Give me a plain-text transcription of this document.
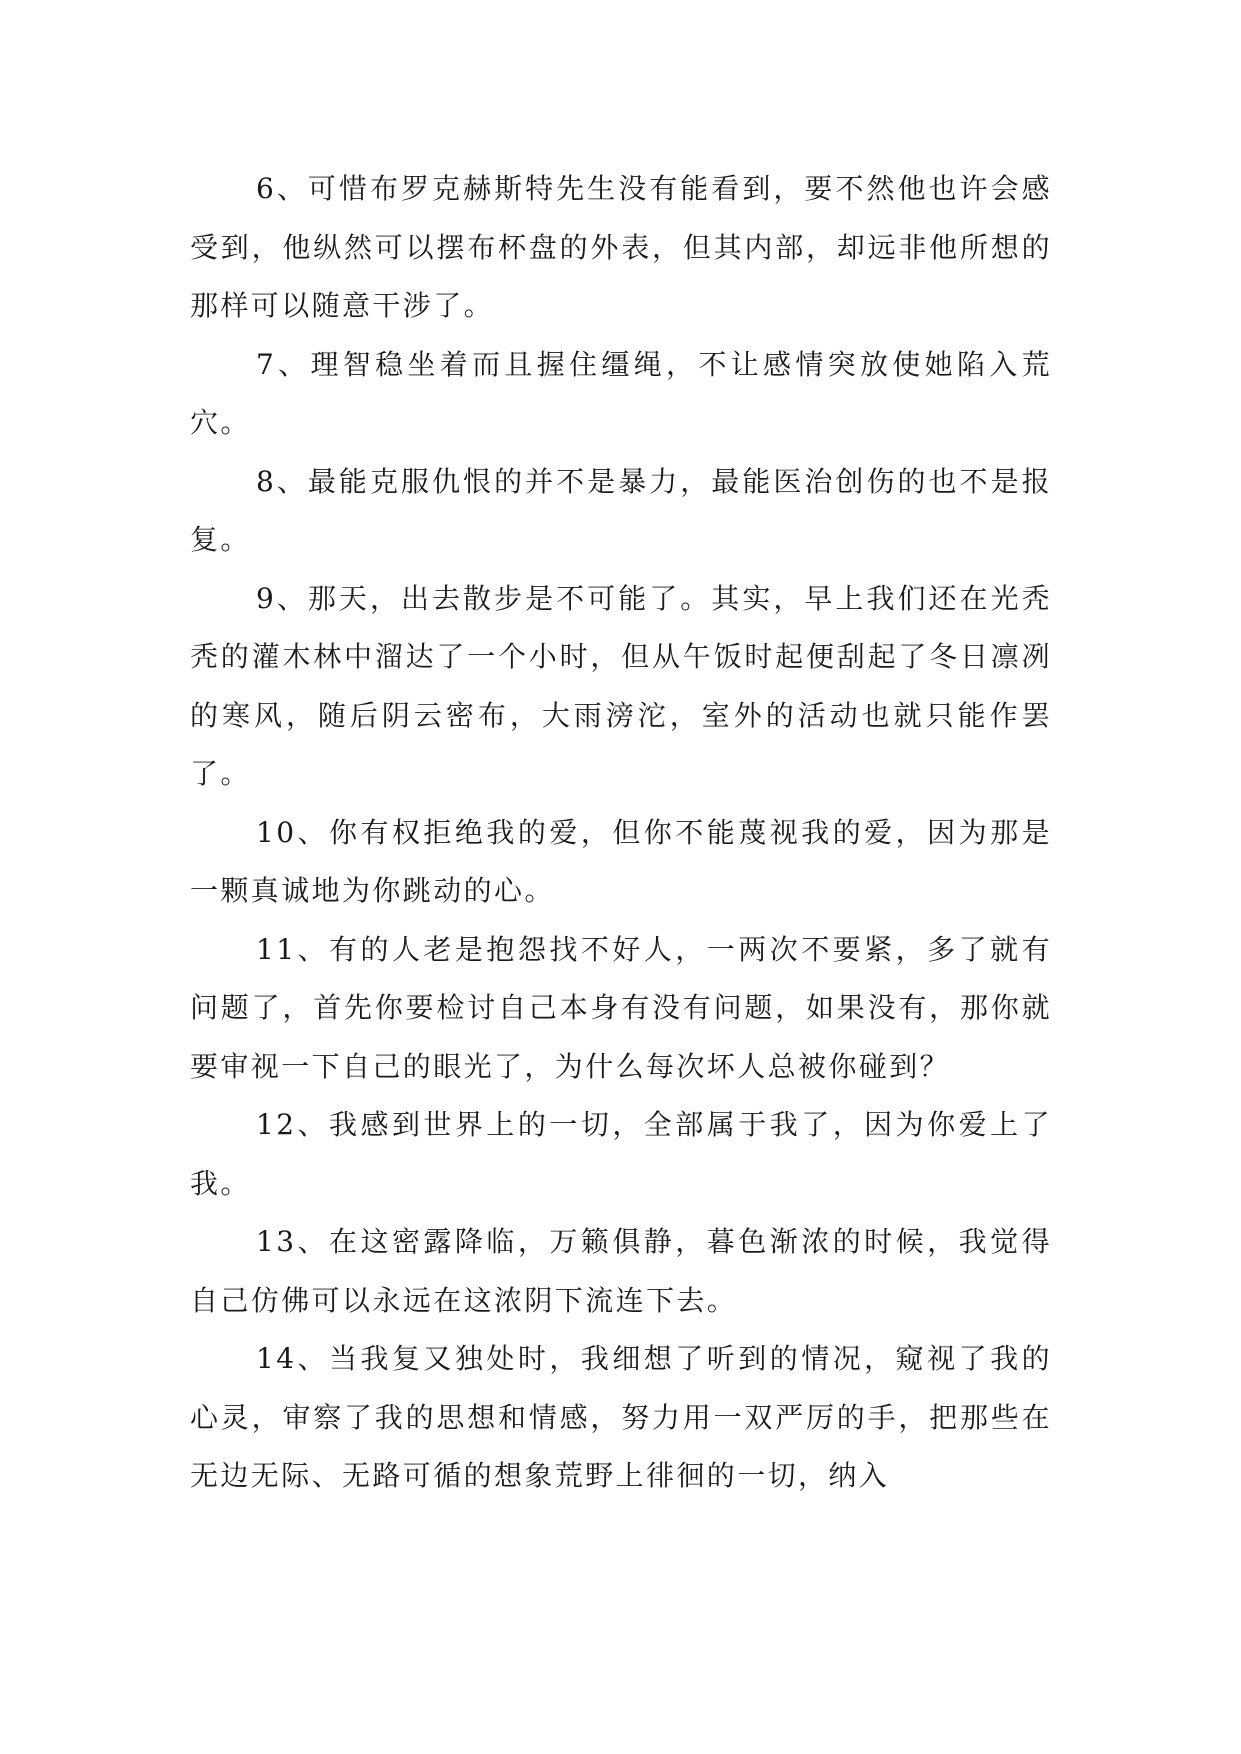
6、可惜布罗克赫斯特先生没有能看到，要不然他也许会感受到，他纵然可以摆布杯盘的外表，但其内部，却远非他所想的那样可以随意干涉了。

7、理智稳坐着而且握住缰绳，不让感情突放使她陷入荒穴。

8、最能克服仇恨的并不是暴力，最能医治创伤的也不是报复。

9、那天，出去散步是不可能了。其实，早上我们还在光秃秃的灌木林中溜达了一个小时，但从午饭时起便刮起了冬日凛冽的寒风，随后阴云密布，大雨滂沱，室外的活动也就只能作罢了。

10、你有权拒绝我的爱，但你不能蔑视我的爱，因为那是一颗真诚地为你跳动的心。

11、有的人老是抱怨找不好人，一两次不要紧，多了就有问题了，首先你要检讨自己本身有没有问题，如果没有，那你就要审视一下自己的眼光了，为什么每次坏人总被你碰到？

12、我感到世界上的一切，全部属于我了，因为你爱上了我。

13、在这密露降临，万籁俱静，暮色渐浓的时候，我觉得自己仿佛可以永远在这浓阴下流连下去。

14、当我复又独处时，我细想了听到的情况，窥视了我的心灵，审察了我的思想和情感，努力用一双严厉的手，把那些在无边无际、无路可循的想象荒野上徘徊的一切，纳入
